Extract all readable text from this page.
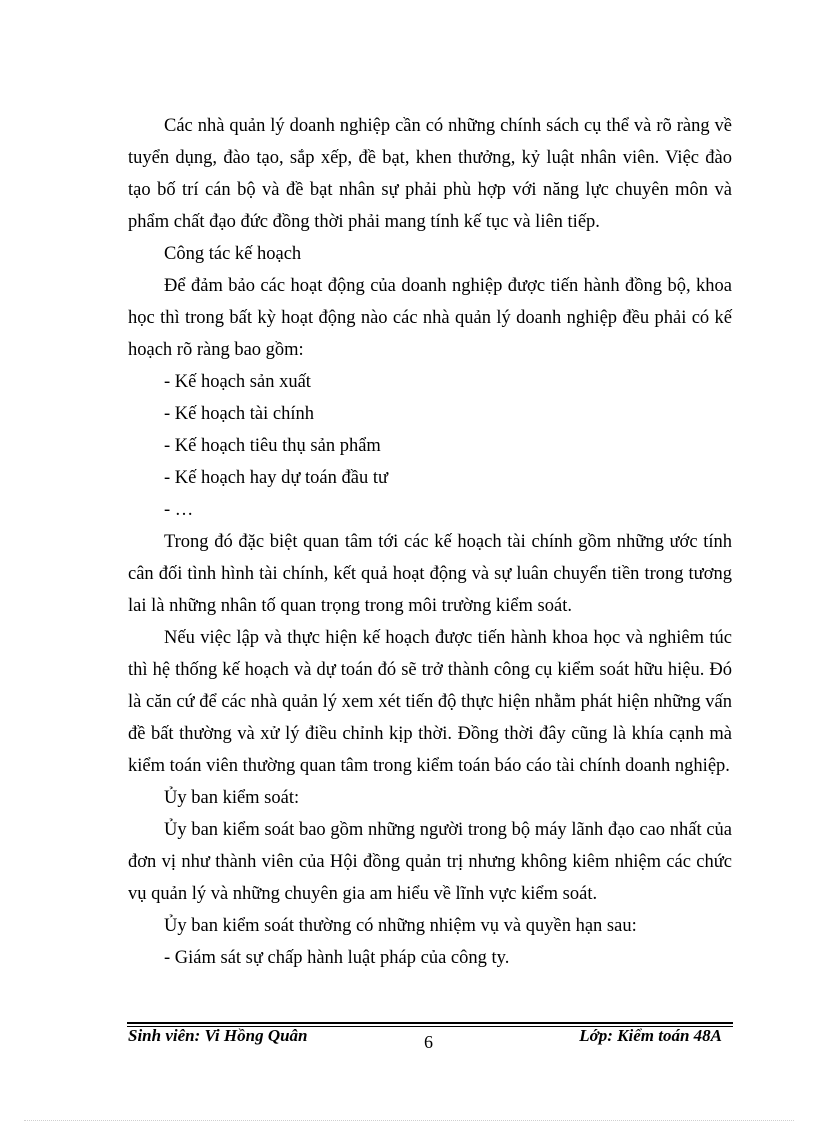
Các nhà quản lý doanh nghiệp cần có những chính sách cụ thể và rõ ràng về tuyển dụng, đào tạo, sắp xếp, đề bạt, khen thưởng, kỷ luật nhân viên. Việc đào tạo bố trí cán bộ và đề bạt nhân sự phải phù hợp với năng lực chuyên môn và phẩm chất đạo đức đồng thời phải mang tính kế tục và liên tiếp.

Công tác kế hoạch

Để đảm bảo các hoạt động của doanh nghiệp được tiến hành đồng bộ, khoa học thì trong bất kỳ hoạt động nào các nhà quản lý doanh nghiệp đều phải có kế hoạch rõ ràng bao gồm:

- Kế hoạch sản xuất

- Kế hoạch tài chính

- Kế hoạch tiêu thụ sản phẩm

- Kế hoạch hay dự toán đầu tư

- …

Trong đó đặc biệt quan tâm tới các kế hoạch tài chính gồm những ước tính cân đối tình hình tài chính, kết quả hoạt động và sự luân chuyển tiền trong tương lai là những nhân tố quan trọng trong môi trường kiểm soát.

Nếu việc lập và thực hiện kế hoạch được tiến hành khoa học và nghiêm túc thì hệ thống kế hoạch và dự toán đó sẽ trở thành công cụ kiểm soát hữu hiệu. Đó là căn cứ để các nhà quản lý xem xét tiến độ thực hiện nhằm phát hiện những vấn đề bất thường và xử lý điều chỉnh kịp thời. Đồng thời đây cũng là khía cạnh mà kiểm toán viên thường quan tâm trong kiểm toán báo cáo tài chính doanh nghiệp.

Ủy ban kiểm soát:

Ủy ban kiểm soát bao gồm những người trong bộ máy lãnh đạo cao nhất của đơn vị như thành viên của Hội đồng quản trị nhưng không kiêm nhiệm các chức vụ quản lý và những chuyên gia am hiểu về lĩnh vực kiểm soát.

Ủy ban kiểm soát thường có những nhiệm vụ và quyền hạn sau:

- Giám sát sự chấp hành luật pháp của công ty.

Sinh viên: Vi Hồng Quân	6	Lớp: Kiểm toán 48A
